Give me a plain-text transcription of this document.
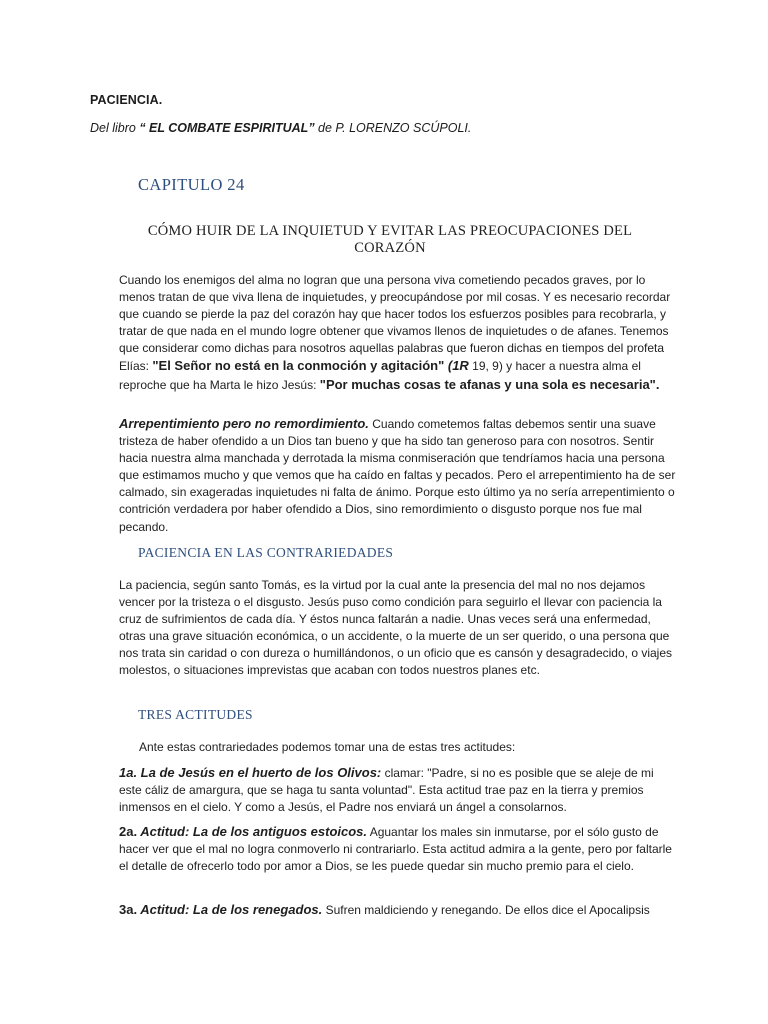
PACIENCIA.
Del libro “ EL COMBATE ESPIRITUAL” de P. LORENZO SCÚPOLI.
CAPITULO 24
CÓMO HUIR DE LA INQUIETUD Y EVITAR LAS PREOCUPACIONES DEL CORAZÓN
Cuando los enemigos del alma no logran que una persona viva cometiendo pecados graves, por lo menos tratan de que viva llena de inquietudes, y preocupándose por mil cosas. Y es necesario recordar que cuando se pierde la paz del corazón hay que hacer todos los esfuerzos posibles para recobrarla, y tratar de que nada en el mundo logre obtener que vivamos llenos de inquietudes o de afanes. Tenemos que considerar como dichas para nosotros aquellas palabras que fueron dichas en tiempos del profeta Elías: "El Señor no está en la conmoción y agitación" (1R 19, 9) y hacer a nuestra alma el reproche que ha Marta le hizo Jesús: "Por muchas cosas te afanas y una sola es necesaria".
Arrepentimiento pero no remordimiento. Cuando cometemos faltas debemos sentir una suave tristeza de haber ofendido a un Dios tan bueno y que ha sido tan generoso para con nosotros. Sentir hacia nuestra alma manchada y derrotada la misma conmiseración que tendríamos hacia una persona que estimamos mucho y que vemos que ha caído en faltas y pecados. Pero el arrepentimiento ha de ser calmado, sin exageradas inquietudes ni falta de ánimo. Porque esto último ya no sería arrepentimiento o contrición verdadera por haber ofendido a Dios, sino remordimiento o disgusto porque nos fue mal pecando.
PACIENCIA EN LAS CONTRARIEDADES
La paciencia, según santo Tomás, es la virtud por la cual ante la presencia del mal no nos dejamos vencer por la tristeza o el disgusto. Jesús puso como condición para seguirlo el llevar con paciencia la cruz de sufrimientos de cada día. Y éstos nunca faltarán a nadie. Unas veces será una enfermedad, otras una grave situación económica, o un accidente, o la muerte de un ser querido, o una persona que nos trata sin caridad o con dureza o humillándonos, o un oficio que es cansón y desagradecido, o viajes molestos, o situaciones imprevistas que acaban con todos nuestros planes etc.
TRES ACTITUDES
Ante estas contrariedades podemos tomar una de estas tres actitudes:
1a. La de Jesús en el huerto de los Olivos: clamar: "Padre, si no es posible que se aleje de mi este cáliz de amargura, que se haga tu santa voluntad". Esta actitud trae paz en la tierra y premios inmensos en el cielo. Y como a Jesús, el Padre nos enviará un ángel a consolarnos.
2a. Actitud: La de los antiguos estoicos. Aguantar los males sin inmutarse, por el sólo gusto de hacer ver que el mal no logra conmoverlo ni contrariarlo. Esta actitud admira a la gente, pero por faltarle el detalle de ofrecerlo todo por amor a Dios, se les puede quedar sin mucho premio para el cielo.
3a. Actitud: La de los renegados. Sufren maldiciendo y renegando. De ellos dice el Apocalipsis
